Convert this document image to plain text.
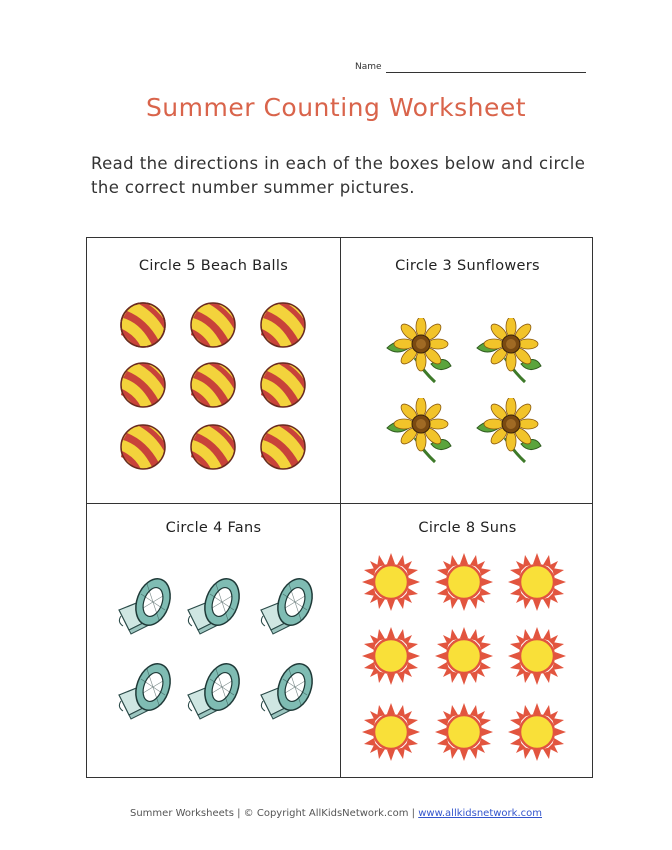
Name
Summer Counting Worksheet
Read the directions in each of the boxes below and circle the correct number summer pictures.
Circle 5 Beach Balls	Circle 3 Sunflowers
Circle 4 Fans	Circle 8 Suns
Summer Worksheets | © Copyright AllKidsNetwork.com | www.allkidsnetwork.com
